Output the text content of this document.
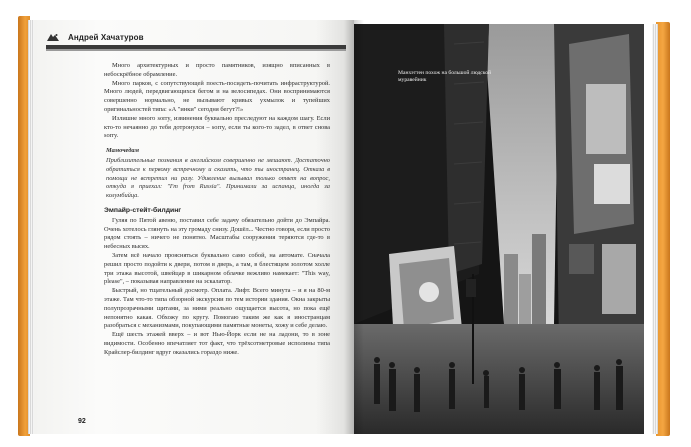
Андрей Хачатуров

Много архитектурных и просто памятников, изящно вписанных в небоскрёбное обрамление.

Много парков, с сопутствующей поесть-посидеть-почитать инфраструктурой. Много людей, передвигающихся бегом и на велосипедах. Они воспринимаются совершенно нормально, не вызывают кривых ухмылок и тупейших оригинальностей типа: «А "инки" сегодня бегут?!»

Излишне много sorry, извинения буквально преследуют на каждом шагу. Если кто-то нечаянно до тебя дотронулся – sorry, если ты кого-то задел, в ответ снова sorry.

Мамочедам

Приблизительные познания в английском совершенно не мешают. Достаточно обратиться к первому встречному и сказать, что ты иностранец. Отказа в помощи не встретил ни разу. Удивление вызывал только ответ на вопрос, откуда я приехал: "I'm from Russia". Принимали за испанца, иногда за колумбийца.

Эмпайр-стейт-билдинг

Гуляя по Пятой авеню, поставил себе задачу обязательно дойти до Эмпайра. Очень хотелось глянуть на эту громаду снизу. Дошёл... Честно говоря, если просто рядом стоять – ничего не понятно. Масштабы сооружения теряются где-то в небесных высях.

Затем всё начало проясняться буквально само собой, на автомате. Сначала решил просто подойти к двери, потом в дверь, а там, в блестящем золотом холле три этажа высотой, швейцар в шикарном облачке вежливо намекает: "This way, please", – показывая направление на эскалатор.

Быстрый, но тщательный досмотр. Оплата. Лифт. Всего минута – и я на 80-м этаже. Там что-то типа обзорной экскурсии по тем истории здания. Окна закрыты полупрозрачными щитами, за ними реально ощущается высота, но пока ещё непонятно какая. Обхожу по кругу. Помогаю таким же как я иностранцам разобраться с механизмами, покупающими памятные монеты, хожу и себе делаю.

Ещё шесть этажей вверх – и вот Нью-Йорк если не на ладони, то в зоне видимости. Особенно впечатляет тот факт, что трёхсотметровые исполины типа Крайслер-билдинг вдруг оказались гораздо ниже.

92
Манхэттен похож на большой людской муравейник
